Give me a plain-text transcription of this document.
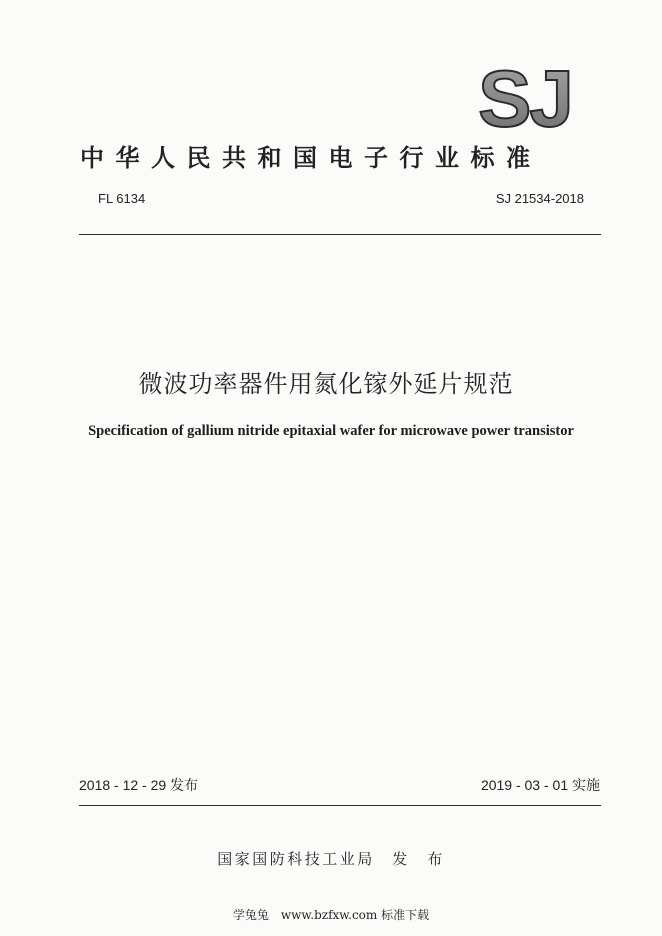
SJ
中华人民共和国电子行业标准
FL 6134	SJ 21534-2018
微波功率器件用氮化镓外延片规范
Specification of gallium nitride epitaxial wafer for microwave power transistor
2018 - 12 - 29 发布	2019 - 03 - 01 实施
国家国防科技工业局　发　布
学兔兔　www.bzfxw.com 标准下载
